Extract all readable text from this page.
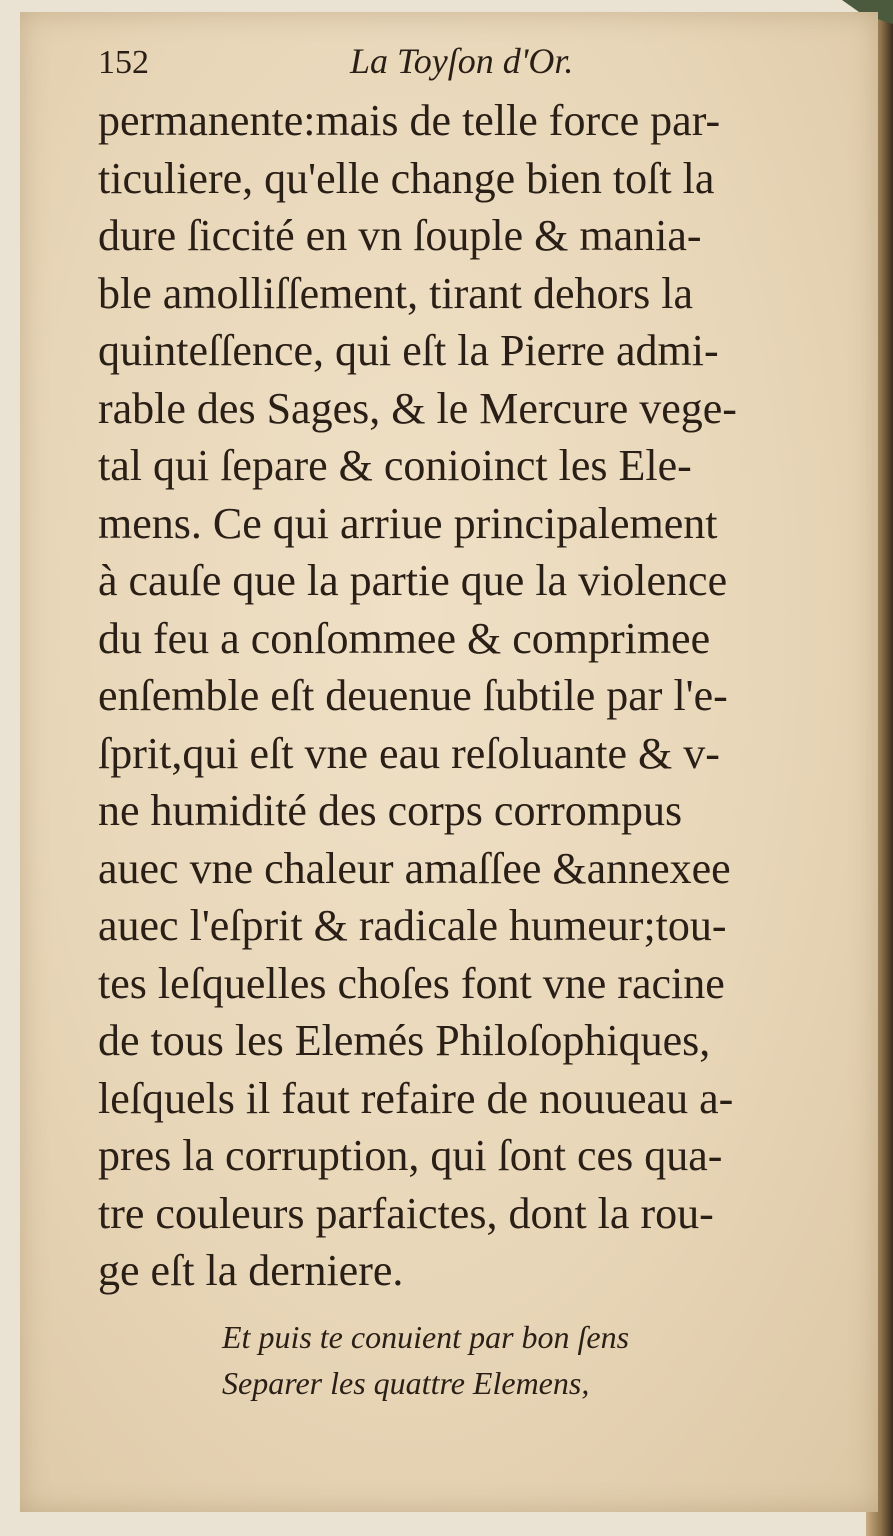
152	La Toyſon d'Or.
permanente:mais de telle force par-
ticuliere, qu'elle change bien toſt la
dure ſiccité en vn ſouple & mania-
ble amolliſſement, tirant dehors la
quinteſſence, qui eſt la Pierre admi-
rable des Sages, & le Mercure vege-
tal qui ſepare & conioinct les Ele-
mens. Ce qui arriue principalement
à cauſe que la partie que la violence
du feu a conſommee & comprimee
enſemble eſt deuenue ſubtile par l'e-
ſprit,qui eſt vne eau reſoluante & v-
ne humidité des corps corrompus
auec vne chaleur amaſſee &annexee
auec l'eſprit & radicale humeur;tou-
tes leſquelles choſes font vne racine
de tous les Elemés Philoſophiques,
leſquels il faut refaire de nouueau a-
pres la corruption, qui ſont ces qua-
tre couleurs parfaictes, dont la rou-
ge eſt la derniere.
Et puis te conuient par bon ſens
Separer les quattre Elemens,
